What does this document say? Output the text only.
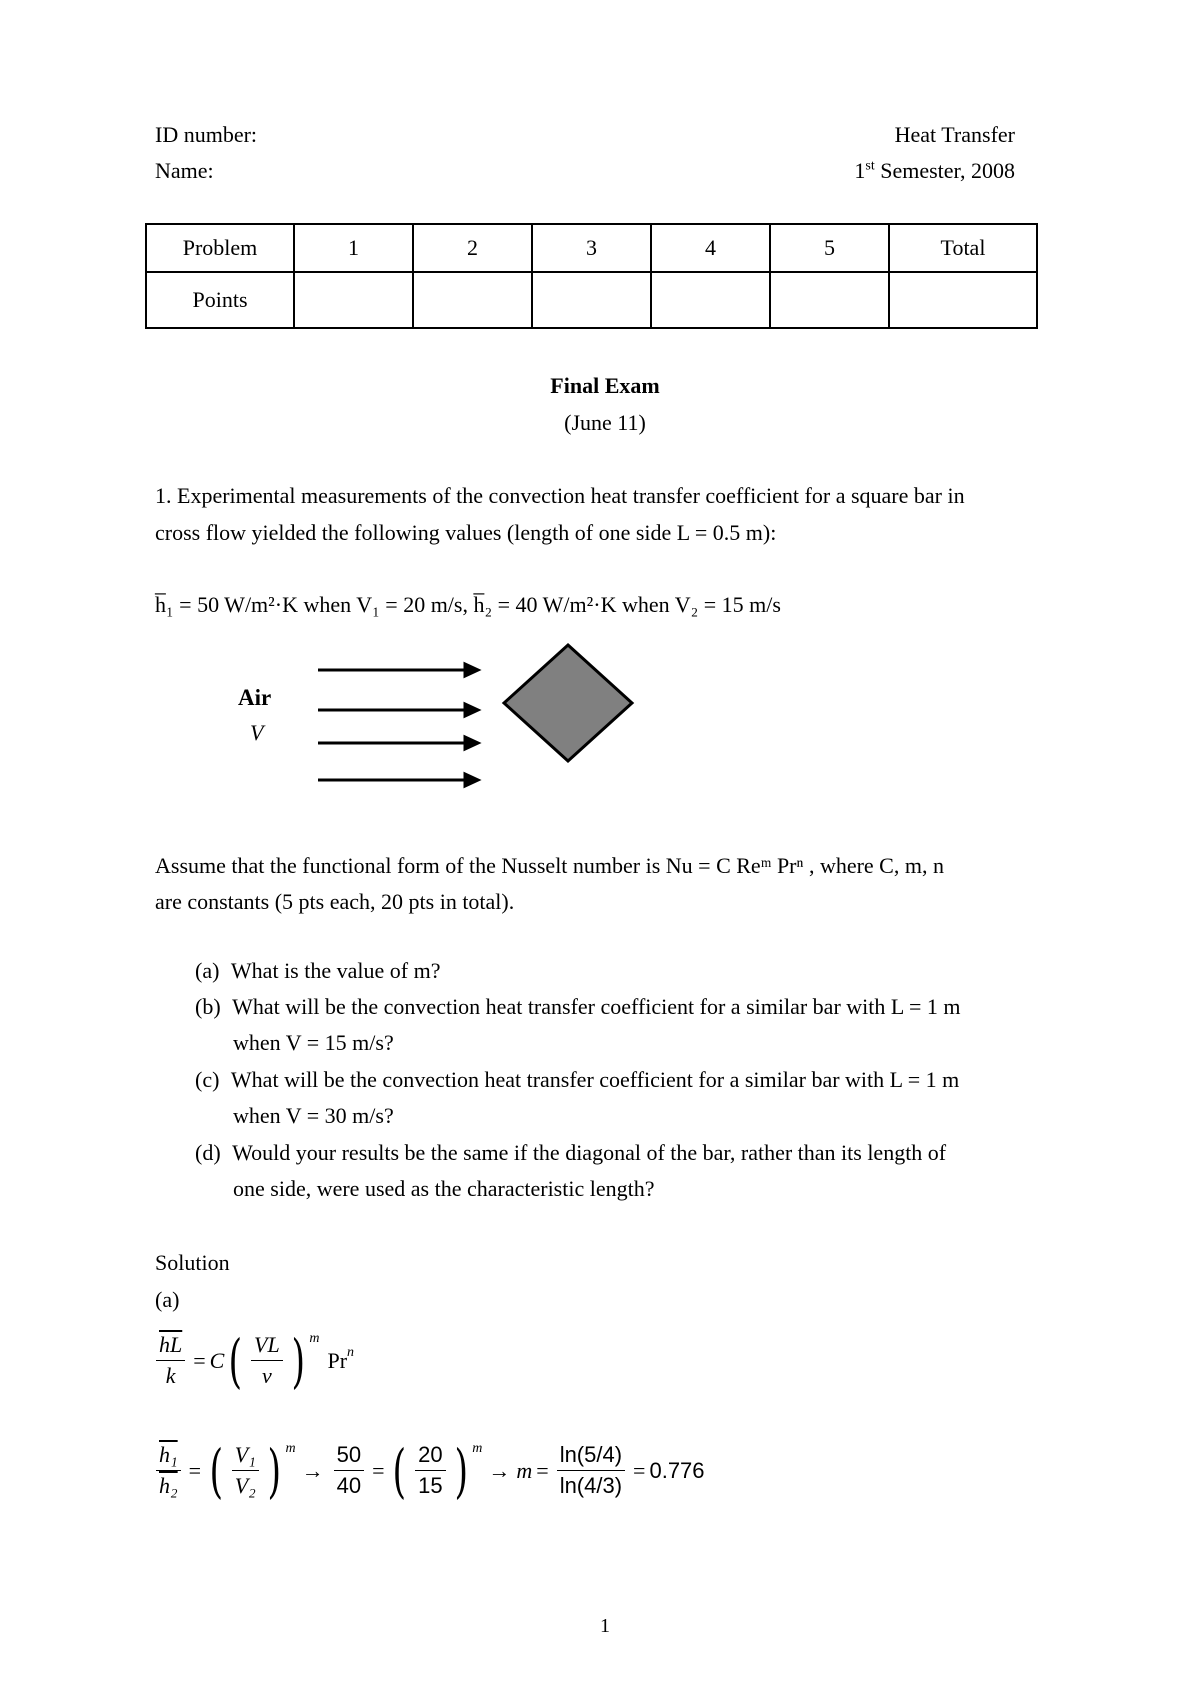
ID number:
Name:
Heat Transfer
1st Semester, 2008
Problem	1	2	3	4	5	Total
Points						
Final Exam
(June 11)
1. Experimental measurements of the convection heat transfer coefficient for a square bar in
cross flow yielded the following values (length of one side L = 0.5 m):
h̅₁ = 50 W/m²·K when V₁ = 20 m/s, h̅₂ = 40 W/m²·K when V₂ = 15 m/s
Air
V
Assume that the functional form of the Nusselt number is Nu = C Reᵐ Prⁿ , where C, m, n
are constants (5 pts each, 20 pts in total).
(a) What is the value of m?
(b) What will be the convection heat transfer coefficient for a similar bar with L = 1 m
when V = 15 m/s?
(c) What will be the convection heat transfer coefficient for a similar bar with L = 1 m
when V = 30 m/s?
(d) Would your results be the same if the diagonal of the bar, rather than its length of
one side, were used as the characteristic length?
Solution
(a)
$\frac{\overline{hL}}{k} = C$ ( $\frac{VL}{\nu}$ ) $^m$
Pr$^n$
$\frac{\text{h₁}}{\text{h₂}}$ = ( $\frac{\text{V₁}}{\text{V₂}}$ ) $^m$
→ $\frac{50}{40}$ = ( $\frac{20}{15}$ ) $^m$
→ $m = \frac{\ln(5/4)}{\ln(4/3)} = 0.776$
1
